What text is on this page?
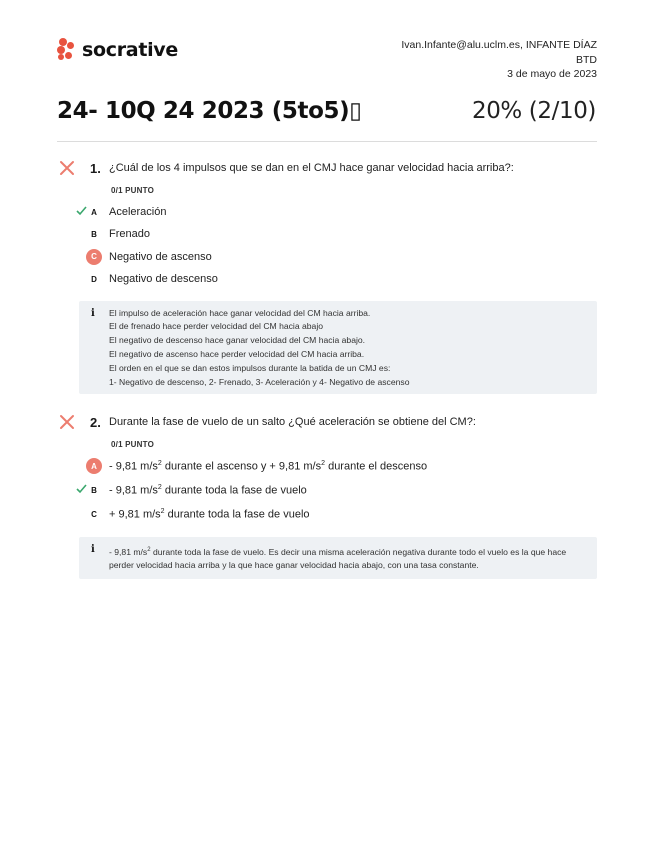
socrative	Ivan.Infante@alu.uclm.es, INFANTE DÍAZ
BTD
3 de mayo de 2023
24- 10Q 24 2023 (5to5)▯	20% (2/10)
1. ¿Cuál de los 4 impulsos que se dan en el CMJ hace ganar velocidad hacia arriba?:
0/1 PUNTO
A	Aceleración
B	Frenado
C	Negativo de ascenso
D	Negativo de descenso
i El impulso de aceleración hace ganar velocidad del CM hacia arriba.
El de frenado hace perder velocidad del CM hacia abajo
El negativo de descenso hace ganar velocidad del CM hacia abajo.
El negativo de ascenso hace perder velocidad del CM hacia arriba.
El orden en el que se dan estos impulsos durante la batida de un CMJ es:
1- Negativo de descenso, 2- Frenado, 3- Aceleración y 4- Negativo de ascenso
2. Durante la fase de vuelo de un salto ¿Qué aceleración se obtiene del CM?:
0/1 PUNTO
A	- 9,81 $m/s^2$ durante el ascenso y + 9,81 $m/s^2$ durante el descenso
B	- 9,81 $m/s^2$ durante toda la fase de vuelo
C	+ 9,81 $m/s^2$ durante toda la fase de vuelo
i - 9,81 $m/s^2$ durante toda la fase de vuelo. Es decir una misma aceleración negativa durante todo el vuelo es la que hace perder velocidad hacia arriba y la que hace ganar velocidad hacia abajo, con una tasa constante.
